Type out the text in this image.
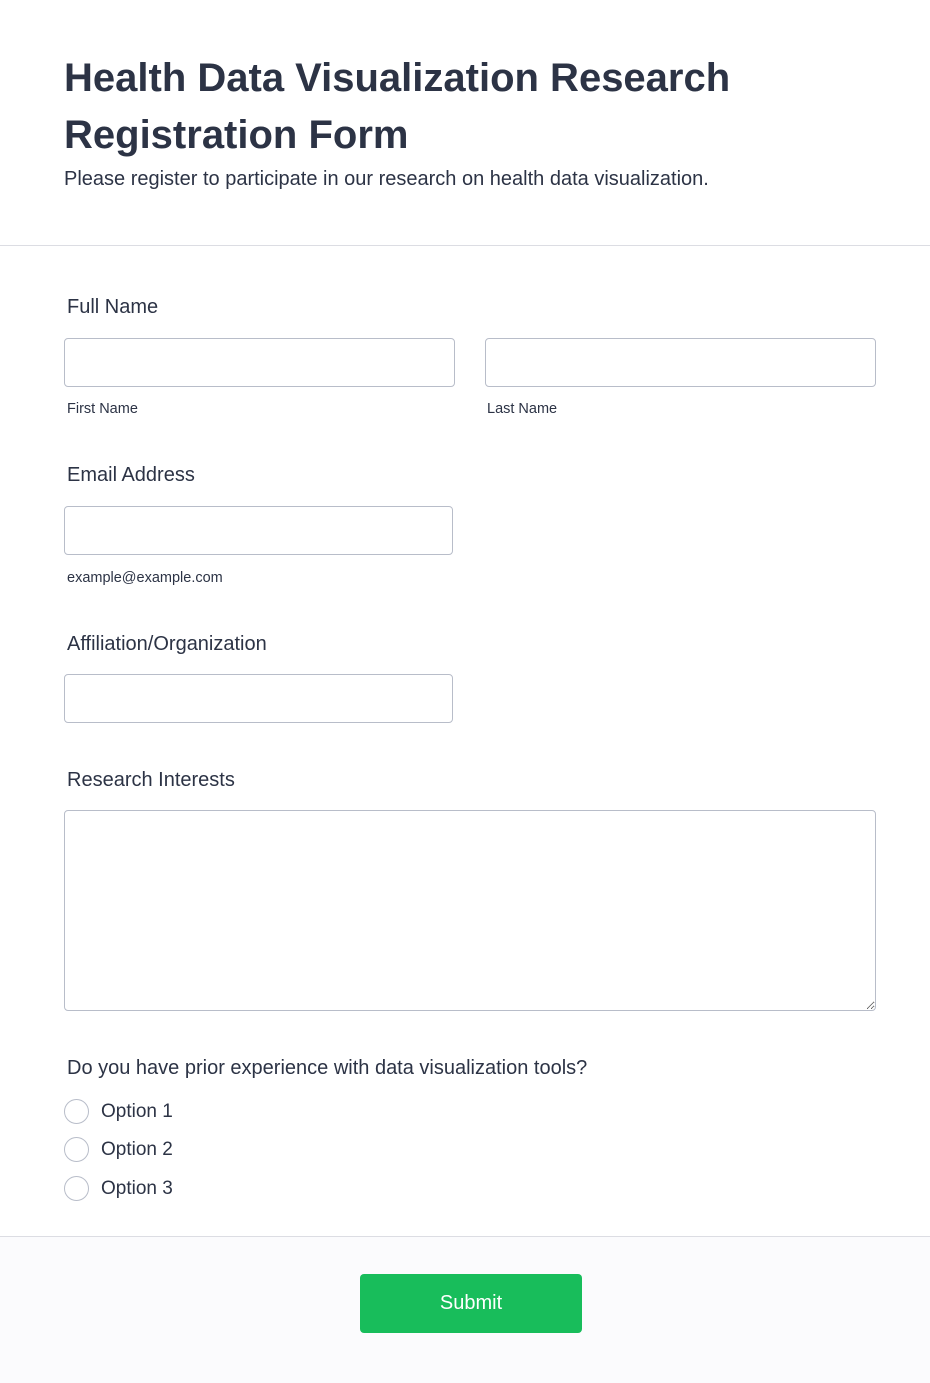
Health Data Visualization Research Registration Form
Please register to participate in our research on health data visualization.
Full Name
First Name	Last Name
Email Address
example@example.com
Affiliation/Organization
Research Interests
Do you have prior experience with data visualization tools?
Option 1
Option 2
Option 3
Submit
